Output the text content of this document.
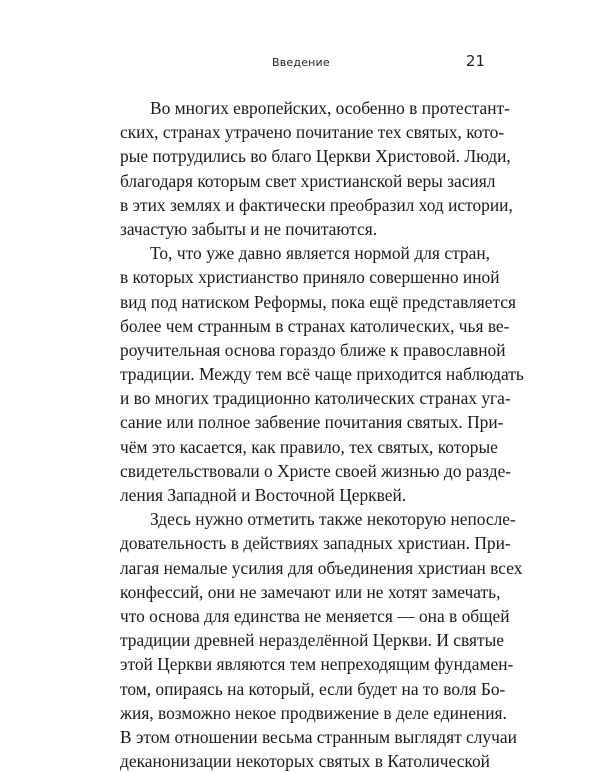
Введение	21
Во многих европейских, особенно в протестант-
ских, странах утрачено почитание тех святых, кото-
рые потрудились во благо Церкви Христовой. Люди,
благодаря которым свет христианской веры засиял
в этих землях и фактически преобразил ход истории,
зачастую забыты и не почитаются.
То, что уже давно является нормой для стран,
в которых христианство приняло совершенно иной
вид под натиском Реформы, пока ещё представляется
более чем странным в странах католических, чья ве-
роучительная основа гораздо ближе к православной
традиции. Между тем всё чаще приходится наблюдать
и во многих традиционно католических странах уга-
сание или полное забвение почитания святых. При-
чём это касается, как правило, тех святых, которые
свидетельствовали о Христе своей жизнью до разде-
ления Западной и Восточной Церквей.
Здесь нужно отметить также некоторую непосле-
довательность в действиях западных христиан. При-
лагая немалые усилия для объединения христиан всех
конфессий, они не замечают или не хотят замечать,
что основа для единства не меняется — она в общей
традиции древней неразделённой Церкви. И святые
этой Церкви являются тем непреходящим фундамен-
том, опираясь на который, если будет на то воля Бо-
жия, возможно некое продвижение в деле единения.
В этом отношении весьма странным выглядят случаи
деканонизации некоторых святых в Католической
